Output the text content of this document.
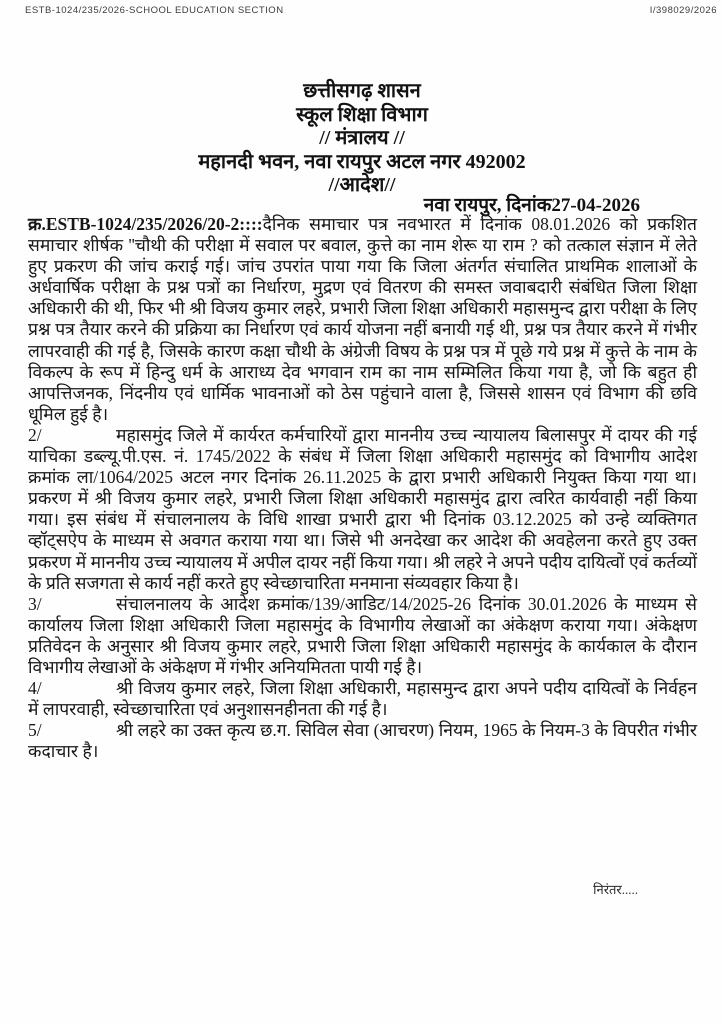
ESTB-1024/235/2026-SCHOOL EDUCATION SECTION	I/398029/2026
छत्तीसगढ़ शासन
स्कूल शिक्षा विभाग
// मंत्रालय //
महानदी भवन, नवा रायपुर अटल नगर 492002
//आदेश//
नवा रायपुर, दिनांक27-04-2026

क्र.ESTB-1024/235/2026/20-2::::दैनिक समाचार पत्र नवभारत में दिनांक 08.01.2026 को प्रकशित समाचार शीर्षक ''चौथी की परीक्षा में सवाल पर बवाल, कुत्ते का नाम शेरू या राम ? को तत्काल संज्ञान में लेते हुए प्रकरण की जांच कराई गई। जांच उपरांत पाया गया कि जिला अंतर्गत संचालित प्राथमिक शालाओं के अर्धवार्षिक परीक्षा के प्रश्न पत्रों का निर्धारण, मुद्रण एवं वितरण की समस्त जवाबदारी संबंधित जिला शिक्षा अधिकारी की थी, फिर भी श्री विजय कुमार लहरे, प्रभारी जिला शिक्षा अधिकारी महासमुन्द द्वारा परीक्षा के लिए प्रश्न पत्र तैयार करने की प्रक्रिया का निर्धारण एवं कार्य योजना नहीं बनायी गई थी, प्रश्न पत्र तैयार करने में गंभीर लापरवाही की गई है, जिसके कारण कक्षा चौथी के अंग्रेजी विषय के प्रश्न पत्र में पूछे गये प्रश्न में कुत्ते के नाम के विकल्प के रूप में हिन्दु धर्म के आराध्य देव भगवान राम का नाम सम्मिलित किया गया है, जो कि बहुत ही आपत्तिजनक, निंदनीय एवं धार्मिक भावनाओं को ठेस पहुंचाने वाला है, जिससे शासन एवं विभाग की छवि धूमिल हुई है।

2/	महासमुंद जिले में कार्यरत कर्मचारियों द्वारा माननीय उच्च न्यायालय बिलासपुर में दायर की गई याचिका डब्ल्यू.पी.एस. नं. 1745/2022 के संबंध में जिला शिक्षा अधिकारी महासमुंद को विभागीय आदेश क्रमांक ला/1064/2025 अटल नगर दिनांक 26.11.2025 के द्वारा प्रभारी अधिकारी नियुक्त किया गया था। प्रकरण में श्री विजय कुमार लहरे, प्रभारी जिला शिक्षा अधिकारी महासमुंद द्वारा त्वरित कार्यवाही नहीं किया गया। इस संबंध में संचालनालय के विधि शाखा प्रभारी द्वारा भी दिनांक 03.12.2025 को उन्हे व्यक्तिगत व्हॉट्सऐप के माध्यम से अवगत कराया गया था। जिसे भी अनदेखा कर आदेश की अवहेलना करते हुए उक्त प्रकरण में माननीय उच्च न्यायालय में अपील दायर नहीं किया गया। श्री लहरे ने अपने पदीय दायित्वों एवं कर्तव्यों के प्रति सजगता से कार्य नहीं करते हुए स्वेच्छाचारिता मनमाना संव्यवहार किया है।

3/	संचालनालय के आदेश क्रमांक/139/आडिट/14/2025-26 दिनांक 30.01.2026 के माध्यम से कार्यालय जिला शिक्षा अधिकारी जिला महासमुंद के विभागीय लेखाओं का अंकेक्षण कराया गया। अंकेक्षण प्रतिवेदन के अनुसार श्री विजय कुमार लहरे, प्रभारी जिला शिक्षा अधिकारी महासमुंद के कार्यकाल के दौरान विभागीय लेखाओं के अंकेक्षण में गंभीर अनियमितता पायी गई है।

4/	श्री विजय कुमार लहरे, जिला शिक्षा अधिकारी, महासमुन्द द्वारा अपने पदीय दायित्वों के निर्वहन में लापरवाही, स्वेच्छाचारिता एवं अनुशासनहीनता की गई है।

5/	श्री लहरे का उक्त कृत्य छ.ग. सिविल सेवा (आचरण) नियम, 1965 के नियम-3 के विपरीत गंभीर कदाचार है।

निरंतर.....
